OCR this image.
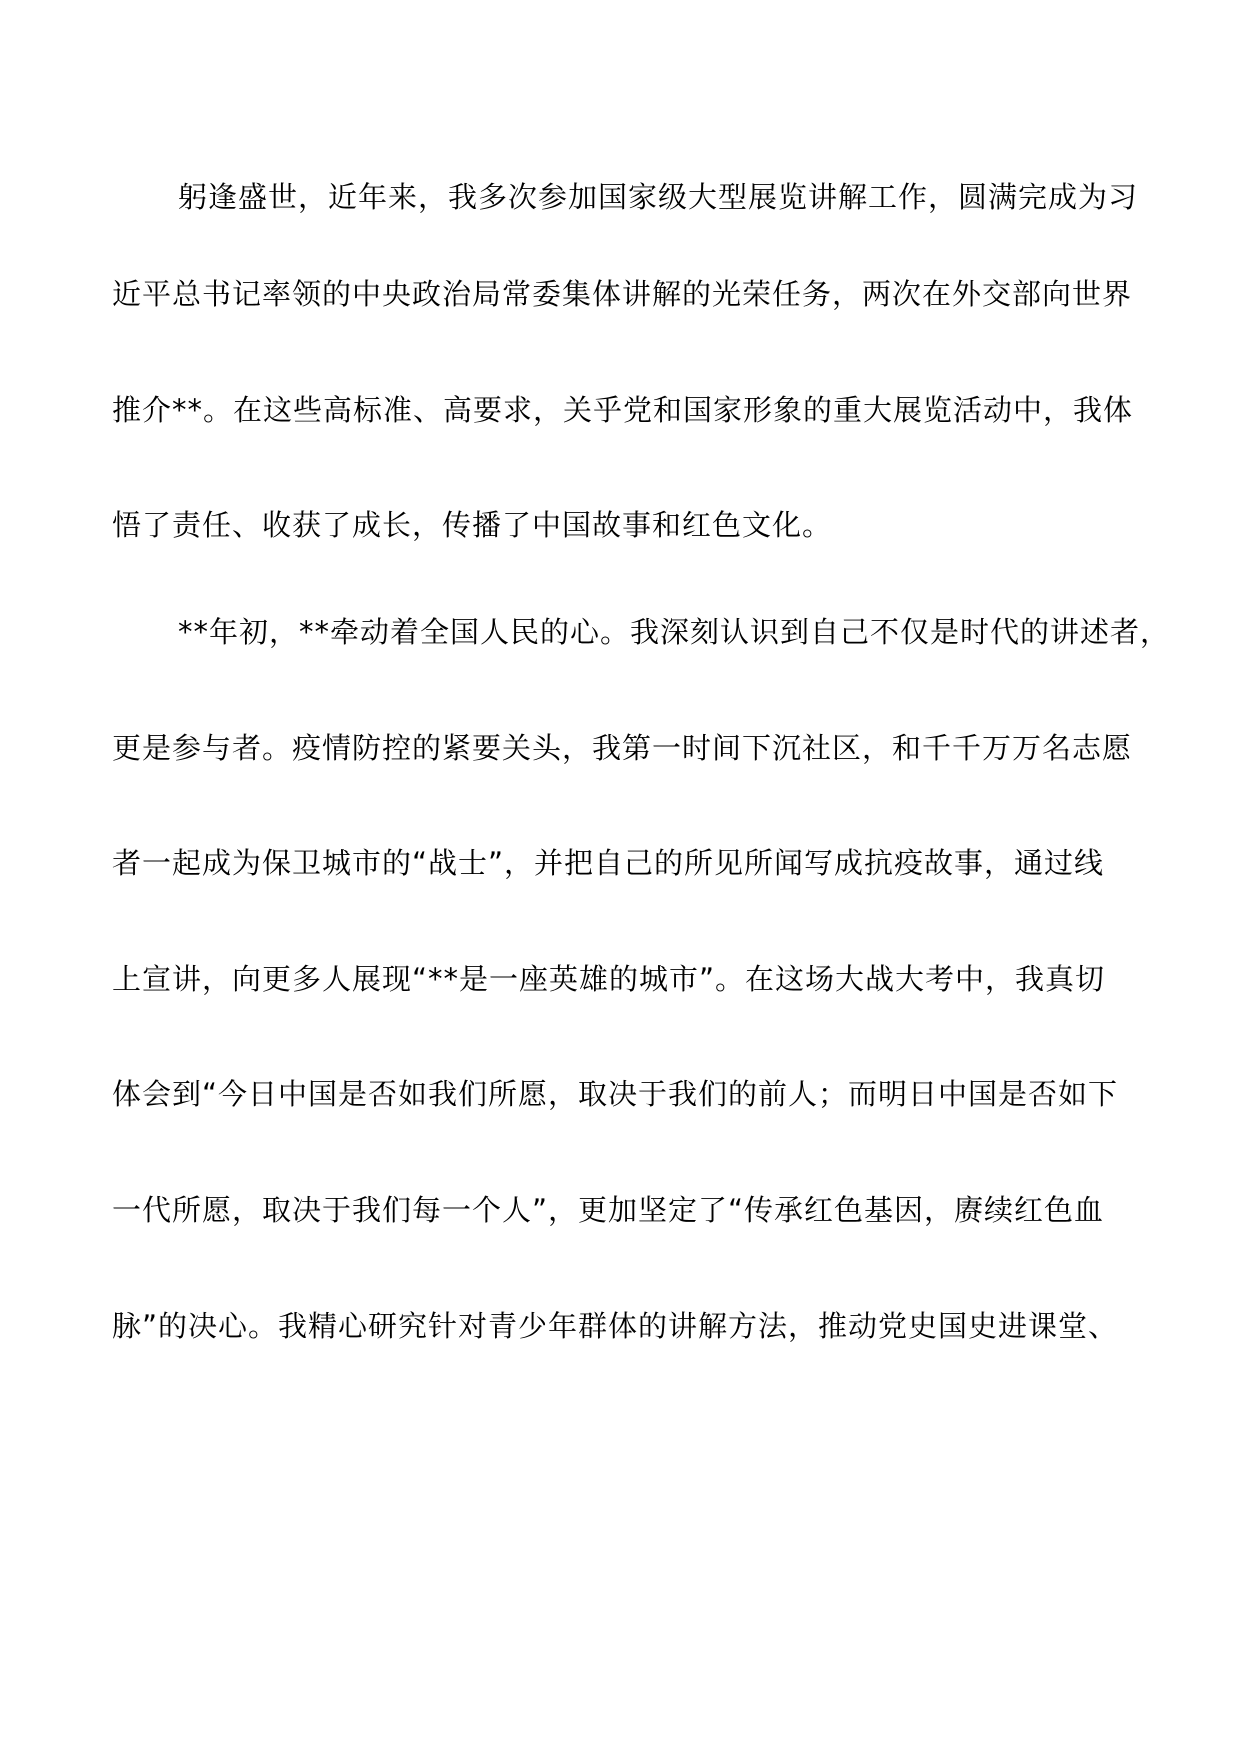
躬逢盛世，近年来，我多次参加国家级大型展览讲解工作，圆满完成为习

近平总书记率领的中央政治局常委集体讲解的光荣任务，两次在外交部向世界

推介**。在这些高标准、高要求，关乎党和国家形象的重大展览活动中，我体

悟了责任、收获了成长，传播了中国故事和红色文化。

**年初，**牵动着全国人民的心。我深刻认识到自己不仅是时代的讲述者，

更是参与者。疫情防控的紧要关头，我第一时间下沉社区，和千千万万名志愿

者一起成为保卫城市的“战士”，并把自己的所见所闻写成抗疫故事，通过线

上宣讲，向更多人展现“**是一座英雄的城市”。在这场大战大考中，我真切

体会到“今日中国是否如我们所愿，取决于我们的前人；而明日中国是否如下

一代所愿，取决于我们每一个人”，更加坚定了“传承红色基因，赓续红色血

脉”的决心。我精心研究针对青少年群体的讲解方法，推动党史国史进课堂、
